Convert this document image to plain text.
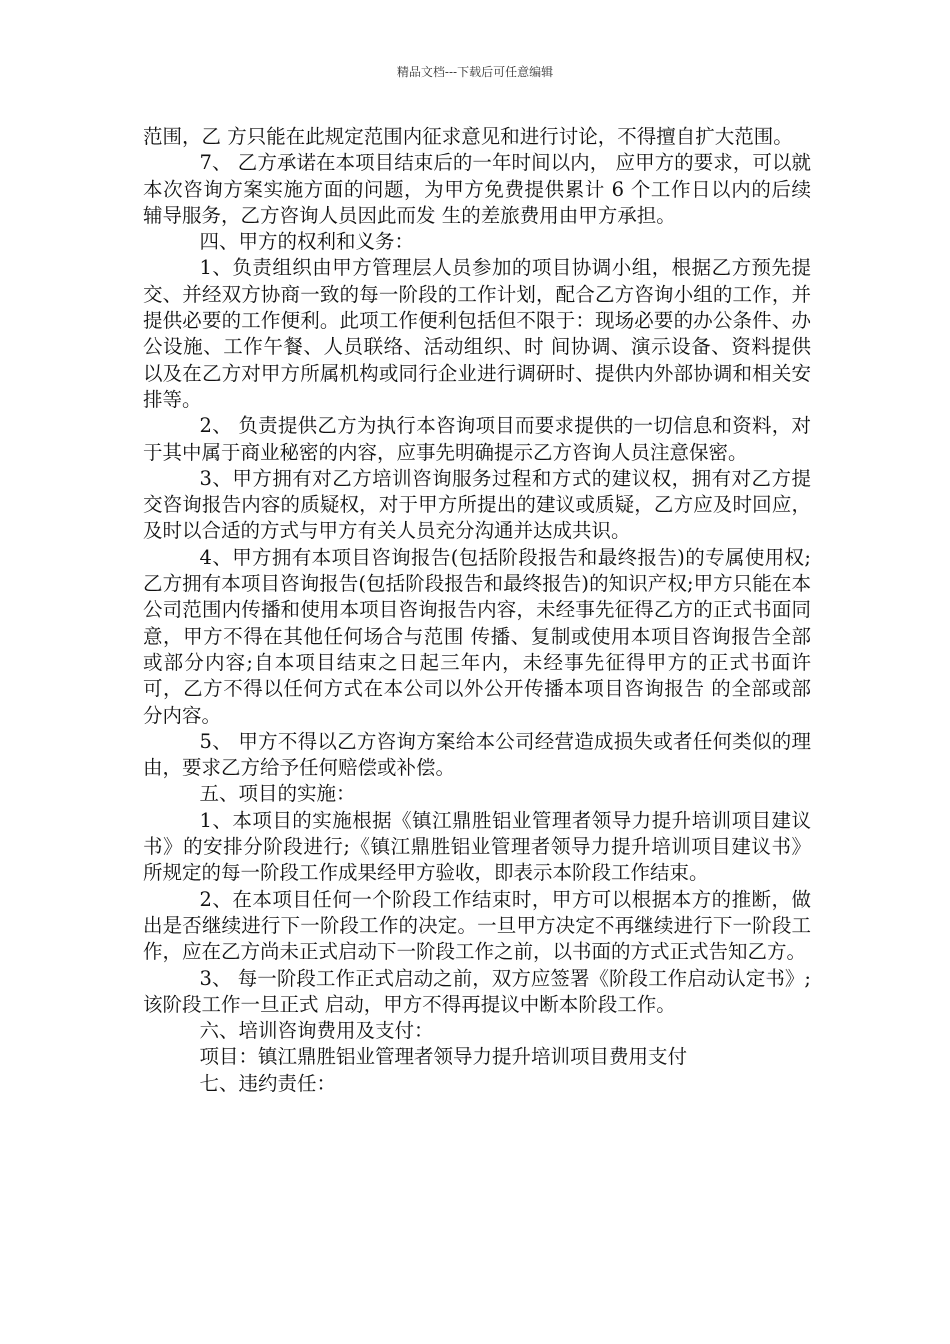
精品文档---下载后可任意编辑

范围，乙 方只能在此规定范围内征求意见和进行讨论，不得擅自扩大范围。

7、 乙方承诺在本项目结束后的一年时间以内， 应甲方的要求，可以就本次咨询方案实施方面的问题，为甲方免费提供累计 6 个工作日以内的后续辅导服务，乙方咨询人员因此而发 生的差旅费用由甲方承担。

四、甲方的权利和义务：

1、负责组织由甲方管理层人员参加的项目协调小组，根据乙方预先提交、并经双方协商一致的每一阶段的工作计划，配合乙方咨询小组的工作，并提供必要的工作便利。此项工作便利包括但不限于：现场必要的办公条件、办公设施、工作午餐、人员联络、活动组织、时 间协调、演示设备、资料提供以及在乙方对甲方所属机构或同行企业进行调研时、提供内外部协调和相关安排等。

2、 负责提供乙方为执行本咨询项目而要求提供的一切信息和资料，对于其中属于商业秘密的内容，应事先明确提示乙方咨询人员注意保密。

3、甲方拥有对乙方培训咨询服务过程和方式的建议权，拥有对乙方提交咨询报告内容的质疑权，对于甲方所提出的建议或质疑，乙方应及时回应，及时以合适的方式与甲方有关人员充分沟通并达成共识。

4、甲方拥有本项目咨询报告(包括阶段报告和最终报告)的专属使用权;乙方拥有本项目咨询报告(包括阶段报告和最终报告)的知识产权;甲方只能在本公司范围内传播和使用本项目咨询报告内容，未经事先征得乙方的正式书面同意，甲方不得在其他任何场合与范围 传播、复制或使用本项目咨询报告全部或部分内容;自本项目结束之日起三年内，未经事先征得甲方的正式书面许可，乙方不得以任何方式在本公司以外公开传播本项目咨询报告 的全部或部分内容。

5、 甲方不得以乙方咨询方案给本公司经营造成损失或者任何类似的理由，要求乙方给予任何赔偿或补偿。

五、项目的实施：

1、本项目的实施根据《镇江鼎胜铝业管理者领导力提升培训项目建议书》的安排分阶段进行;《镇江鼎胜铝业管理者领导力提升培训项目建议书》所规定的每一阶段工作成果经甲方验收，即表示本阶段工作结束。

2、在本项目任何一个阶段工作结束时，甲方可以根据本方的推断，做出是否继续进行下一阶段工作的决定。一旦甲方决定不再继续进行下一阶段工作，应在乙方尚未正式启动下一阶段工作之前，以书面的方式正式告知乙方。

3、 每一阶段工作正式启动之前，双方应签署《阶段工作启动认定书》;该阶段工作一旦正式 启动，甲方不得再提议中断本阶段工作。

六、培训咨询费用及支付：

项目：镇江鼎胜铝业管理者领导力提升培训项目费用支付

七、违约责任：
